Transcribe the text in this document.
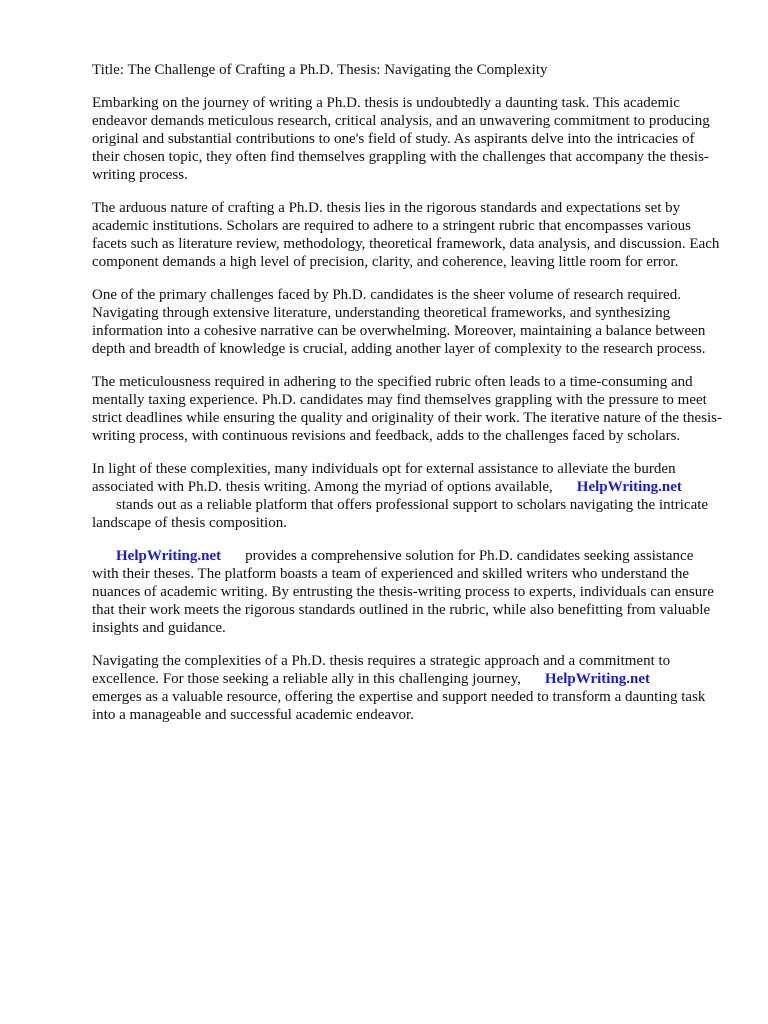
Title: The Challenge of Crafting a Ph.D. Thesis: Navigating the Complexity

Embarking on the journey of writing a Ph.D. thesis is undoubtedly a daunting task. This academic endeavor demands meticulous research, critical analysis, and an unwavering commitment to producing original and substantial contributions to one's field of study. As aspirants delve into the intricacies of their chosen topic, they often find themselves grappling with the challenges that accompany the thesis-writing process.

The arduous nature of crafting a Ph.D. thesis lies in the rigorous standards and expectations set by academic institutions. Scholars are required to adhere to a stringent rubric that encompasses various facets such as literature review, methodology, theoretical framework, data analysis, and discussion. Each component demands a high level of precision, clarity, and coherence, leaving little room for error.

One of the primary challenges faced by Ph.D. candidates is the sheer volume of research required. Navigating through extensive literature, understanding theoretical frameworks, and synthesizing information into a cohesive narrative can be overwhelming. Moreover, maintaining a balance between depth and breadth of knowledge is crucial, adding another layer of complexity to the research process.

The meticulousness required in adhering to the specified rubric often leads to a time-consuming and mentally taxing experience. Ph.D. candidates may find themselves grappling with the pressure to meet strict deadlines while ensuring the quality and originality of their work. The iterative nature of the thesis-writing process, with continuous revisions and feedback, adds to the challenges faced by scholars.

In light of these complexities, many individuals opt for external assistance to alleviate the burden associated with Ph.D. thesis writing. Among the myriad of options available, HelpWriting.net
stands out as a reliable platform that offers professional support to scholars navigating the intricate landscape of thesis composition.

HelpWriting.net provides a comprehensive solution for Ph.D. candidates seeking assistance with their theses. The platform boasts a team of experienced and skilled writers who understand the nuances of academic writing. By entrusting the thesis-writing process to experts, individuals can ensure that their work meets the rigorous standards outlined in the rubric, while also benefitting from valuable insights and guidance.

Navigating the complexities of a Ph.D. thesis requires a strategic approach and a commitment to excellence. For those seeking a reliable ally in this challenging journey, HelpWriting.net
emerges as a valuable resource, offering the expertise and support needed to transform a daunting task into a manageable and successful academic endeavor.
